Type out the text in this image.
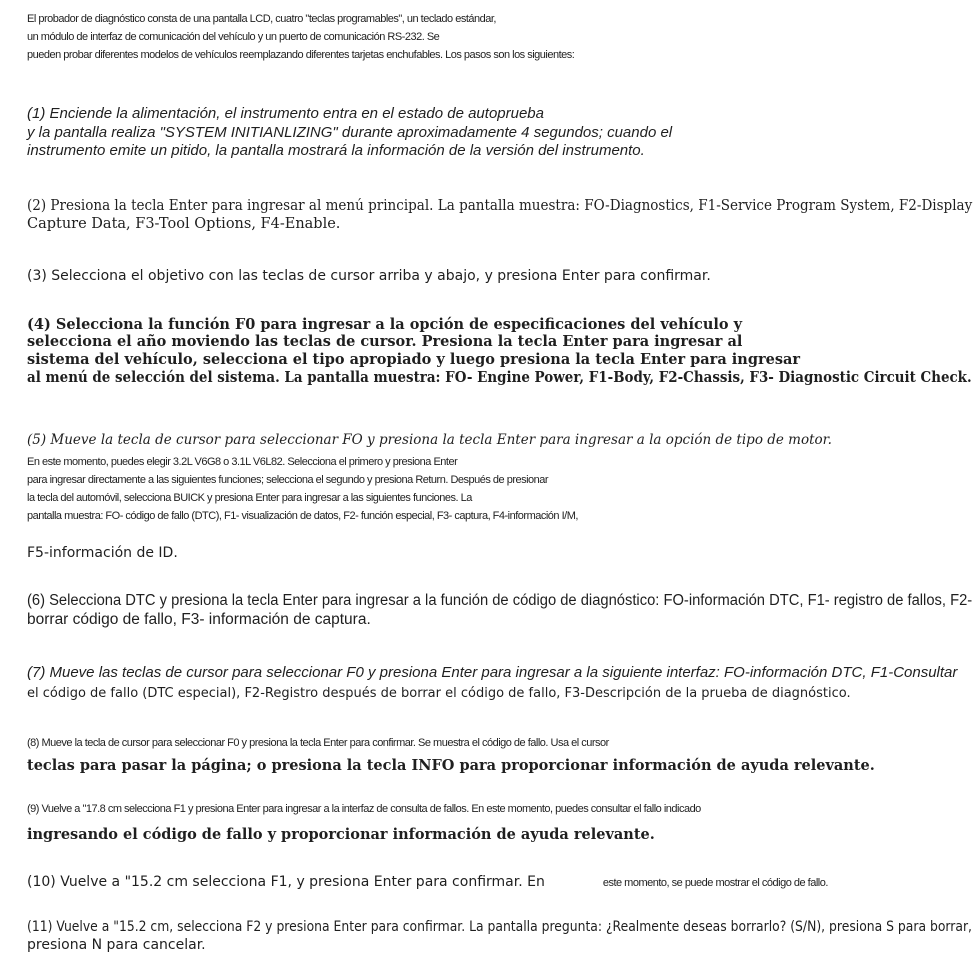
El probador de diagnóstico consta de una pantalla LCD, cuatro "teclas programables", un teclado estándar,

un módulo de interfaz de comunicación del vehículo y un puerto de comunicación RS-232. Se

pueden probar diferentes modelos de vehículos reemplazando diferentes tarjetas enchufables. Los pasos son los siguientes:

(1) Enciende la alimentación, el instrumento entra en el estado de autoprueba

y la pantalla realiza "SYSTEM INITIANLIZING" durante aproximadamente 4 segundos; cuando el

instrumento emite un pitido, la pantalla mostrará la información de la versión del instrumento.

(2) Presiona la tecla Enter para ingresar al menú principal. La pantalla muestra: FO-Diagnostics, F1-Service Program System, F2-Display

Capture Data, F3-Tool Options, F4-Enable.

(3) Selecciona el objetivo con las teclas de cursor arriba y abajo, y presiona Enter para confirmar.

(4) Selecciona la función F0 para ingresar a la opción de especificaciones del vehículo y

selecciona el año moviendo las teclas de cursor. Presiona la tecla Enter para ingresar al

sistema del vehículo, selecciona el tipo apropiado y luego presiona la tecla Enter para ingresar

al menú de selección del sistema. La pantalla muestra: FO- Engine Power, F1-Body, F2-Chassis, F3- Diagnostic Circuit Check.

(5) Mueve la tecla de cursor para seleccionar FO y presiona la tecla Enter para ingresar a la opción de tipo de motor.

En este momento, puedes elegir 3.2L V6G8 o 3.1L V6L82. Selecciona el primero y presiona Enter

para ingresar directamente a las siguientes funciones; selecciona el segundo y presiona Return. Después de presionar

la tecla del automóvil, selecciona BUICK y presiona Enter para ingresar a las siguientes funciones. La

pantalla muestra: FO- código de fallo (DTC), F1- visualización de datos, F2- función especial, F3- captura, F4-información I/M,

F5-información de ID.

(6) Selecciona DTC y presiona la tecla Enter para ingresar a la función de código de diagnóstico: FO-información DTC, F1- registro de fallos, F2-

borrar código de fallo, F3- información de captura.

(7) Mueve las teclas de cursor para seleccionar F0 y presiona Enter para ingresar a la siguiente interfaz: FO-información DTC, F1-Consultar

el código de fallo (DTC especial), F2-Registro después de borrar el código de fallo, F3-Descripción de la prueba de diagnóstico.

(8) Mueve la tecla de cursor para seleccionar F0 y presiona la tecla Enter para confirmar. Se muestra el código de fallo. Usa el cursor

teclas para pasar la página; o presiona la tecla INFO para proporcionar información de ayuda relevante.

(9) Vuelve a "17.8 cm selecciona F1 y presiona Enter para ingresar a la interfaz de consulta de fallos. En este momento, puedes consultar el fallo indicado

ingresando el código de fallo y proporcionar información de ayuda relevante.

(10) Vuelve a "15.2 cm selecciona F1, y presiona Enter para confirmar. En	este momento, se puede mostrar el código de fallo.

(11) Vuelve a "15.2 cm, selecciona F2 y presiona Enter para confirmar. La pantalla pregunta: ¿Realmente deseas borrarlo? (S/N), presiona S para borrar,

presiona N para cancelar.
